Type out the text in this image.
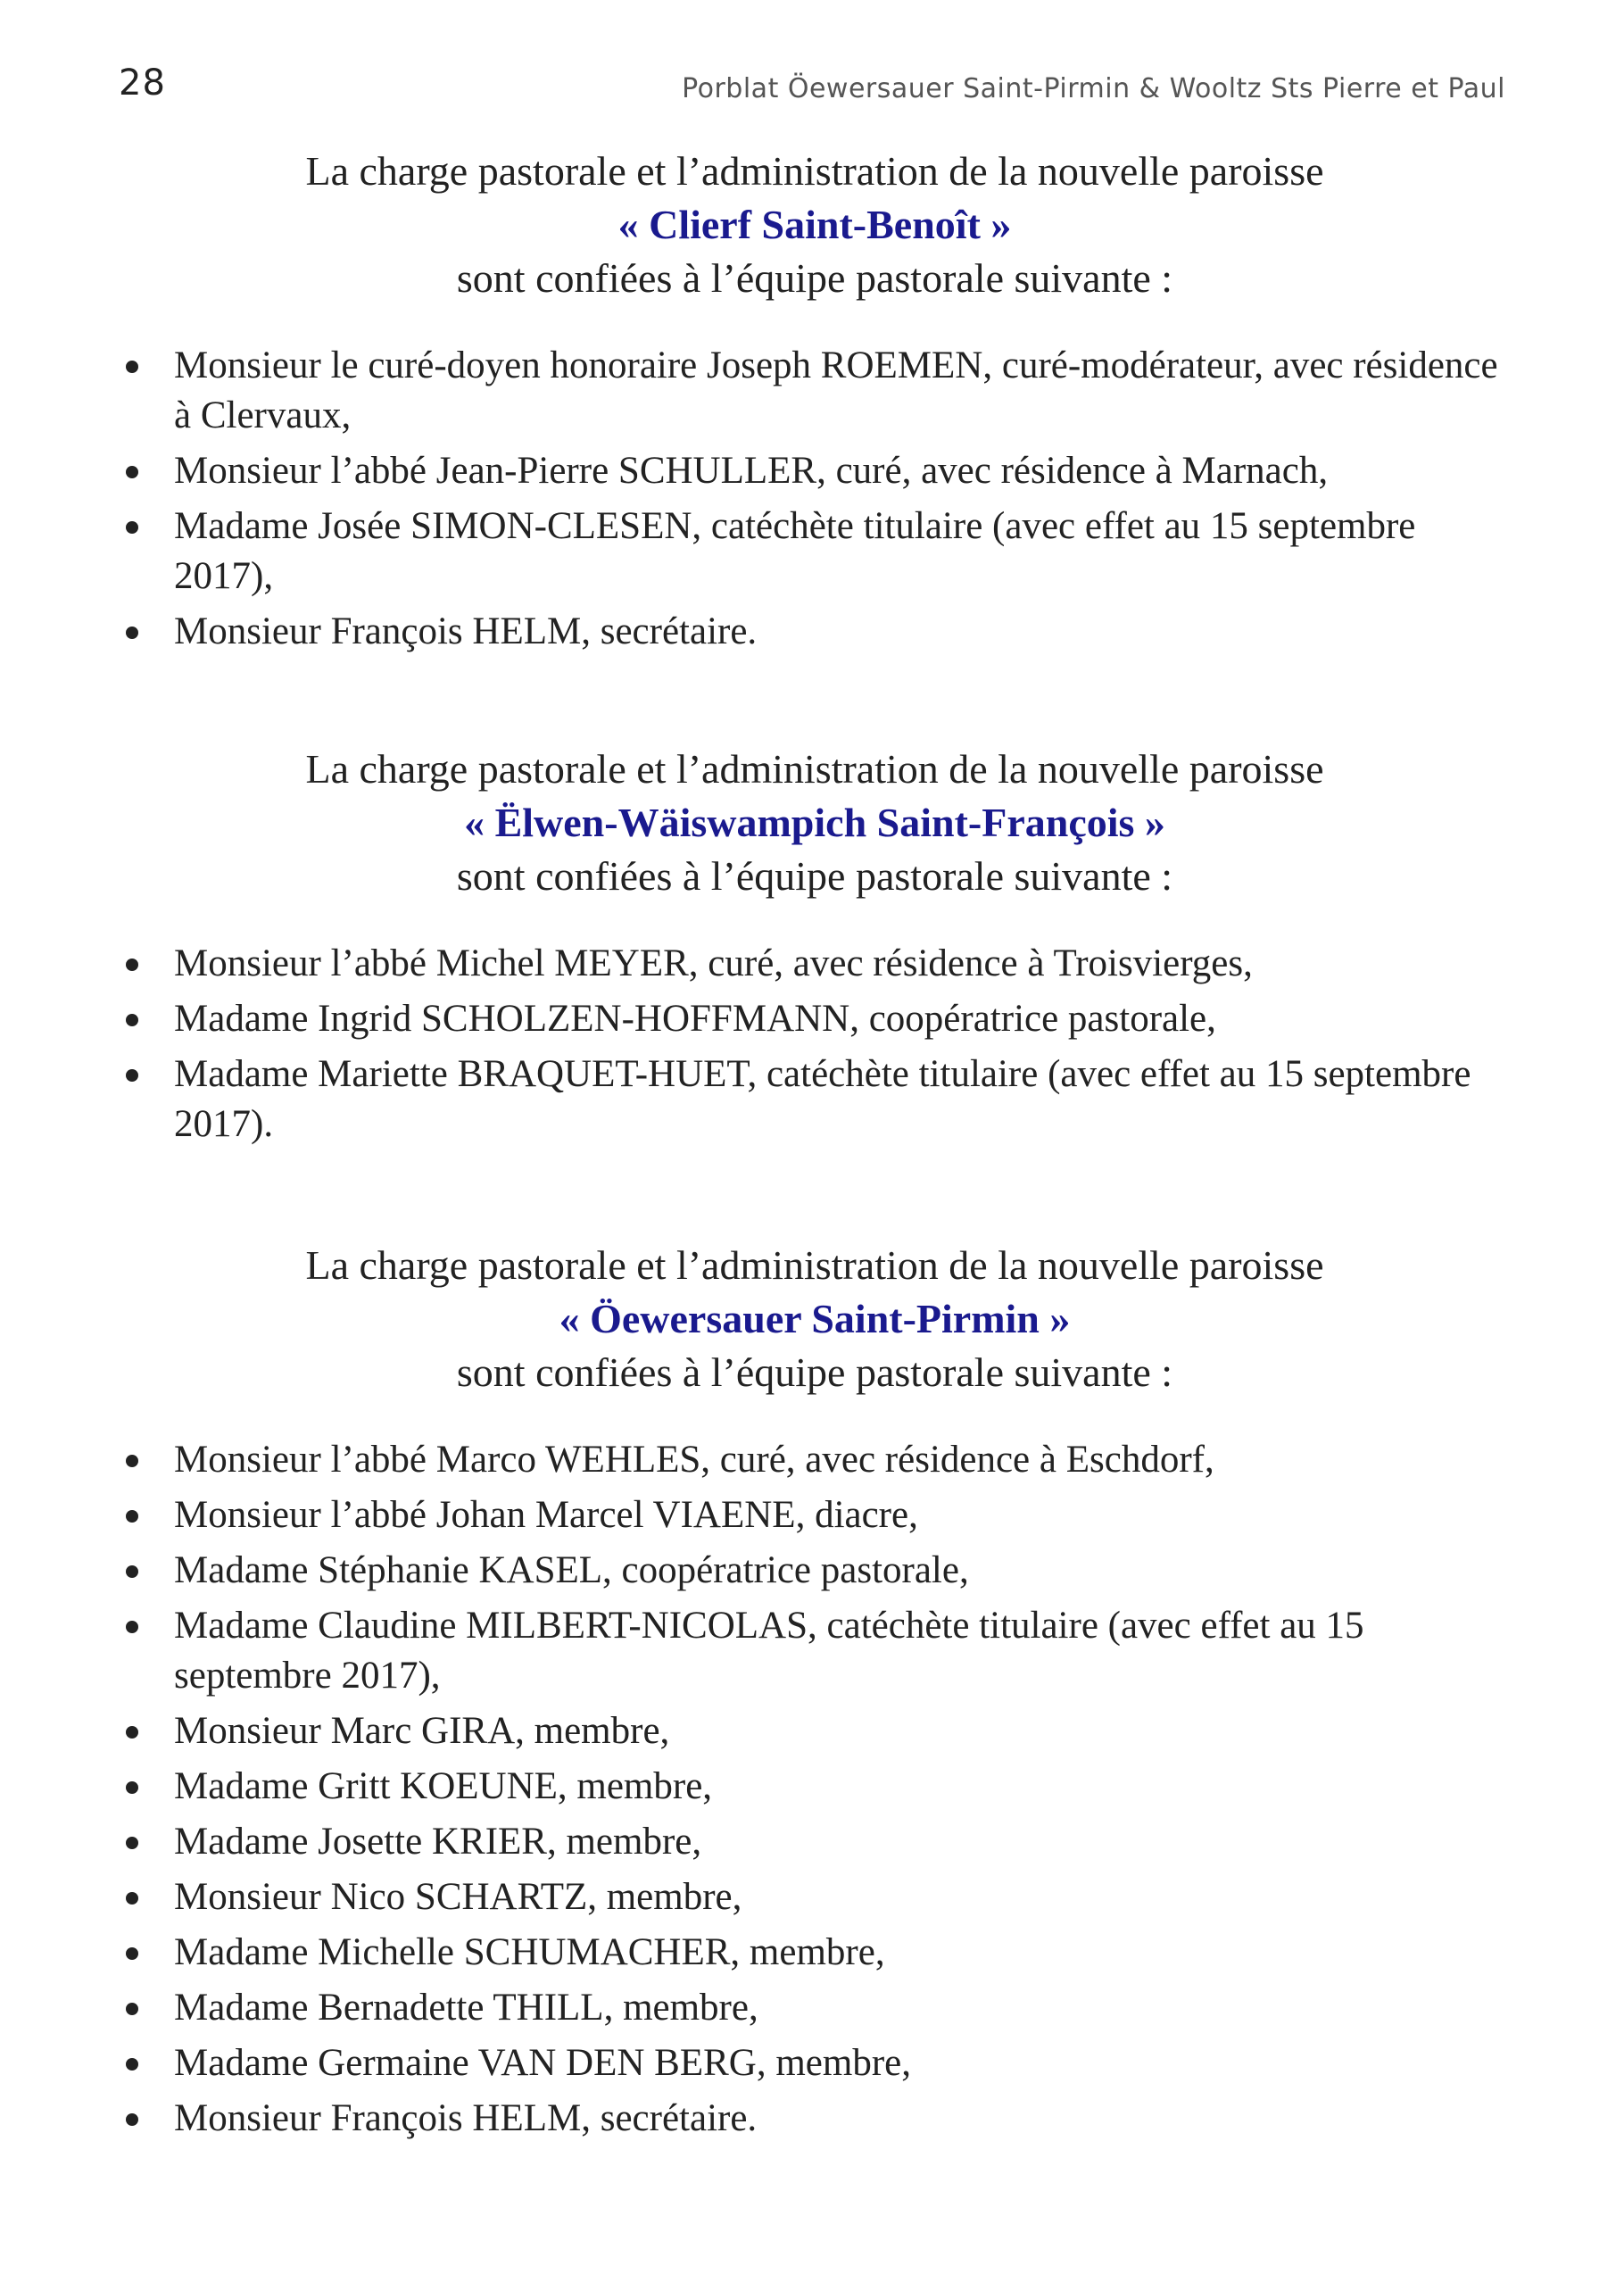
28	Porblat Öewersauer Saint-Pirmin & Wooltz Sts Pierre et Paul
La charge pastorale et l’administration de la nouvelle paroisse
« Clierf Saint-Benoît »
sont confiées à l’équipe pastorale suivante :
Monsieur le curé-doyen honoraire Joseph ROEMEN, curé-modérateur, avec résidence à Clervaux,
Monsieur l’abbé Jean-Pierre SCHULLER, curé, avec résidence à Marnach,
Madame Josée SIMON-CLESEN, catéchète titulaire (avec effet au 15 septembre 2017),
Monsieur François HELM, secrétaire.
La charge pastorale et l’administration de la nouvelle paroisse
« Ëlwen-Wäiswampich Saint-François »
sont confiées à l’équipe pastorale suivante :
Monsieur l’abbé Michel MEYER, curé, avec résidence à Troisvierges,
Madame Ingrid SCHOLZEN-HOFFMANN, coopératrice pastorale,
Madame Mariette BRAQUET-HUET, catéchète titulaire (avec effet au 15 septembre 2017).
La charge pastorale et l’administration de la nouvelle paroisse
« Öewersauer Saint-Pirmin »
sont confiées à l’équipe pastorale suivante :
Monsieur l’abbé Marco WEHLES, curé, avec résidence à Eschdorf,
Monsieur l’abbé Johan Marcel VIAENE, diacre,
Madame Stéphanie KASEL, coopératrice pastorale,
Madame Claudine MILBERT-NICOLAS, catéchète titulaire (avec effet au 15 septembre 2017),
Monsieur Marc GIRA, membre,
Madame Gritt KOEUNE, membre,
Madame Josette KRIER, membre,
Monsieur Nico SCHARTZ, membre,
Madame Michelle SCHUMACHER, membre,
Madame Bernadette THILL, membre,
Madame Germaine VAN DEN BERG, membre,
Monsieur François HELM, secrétaire.
